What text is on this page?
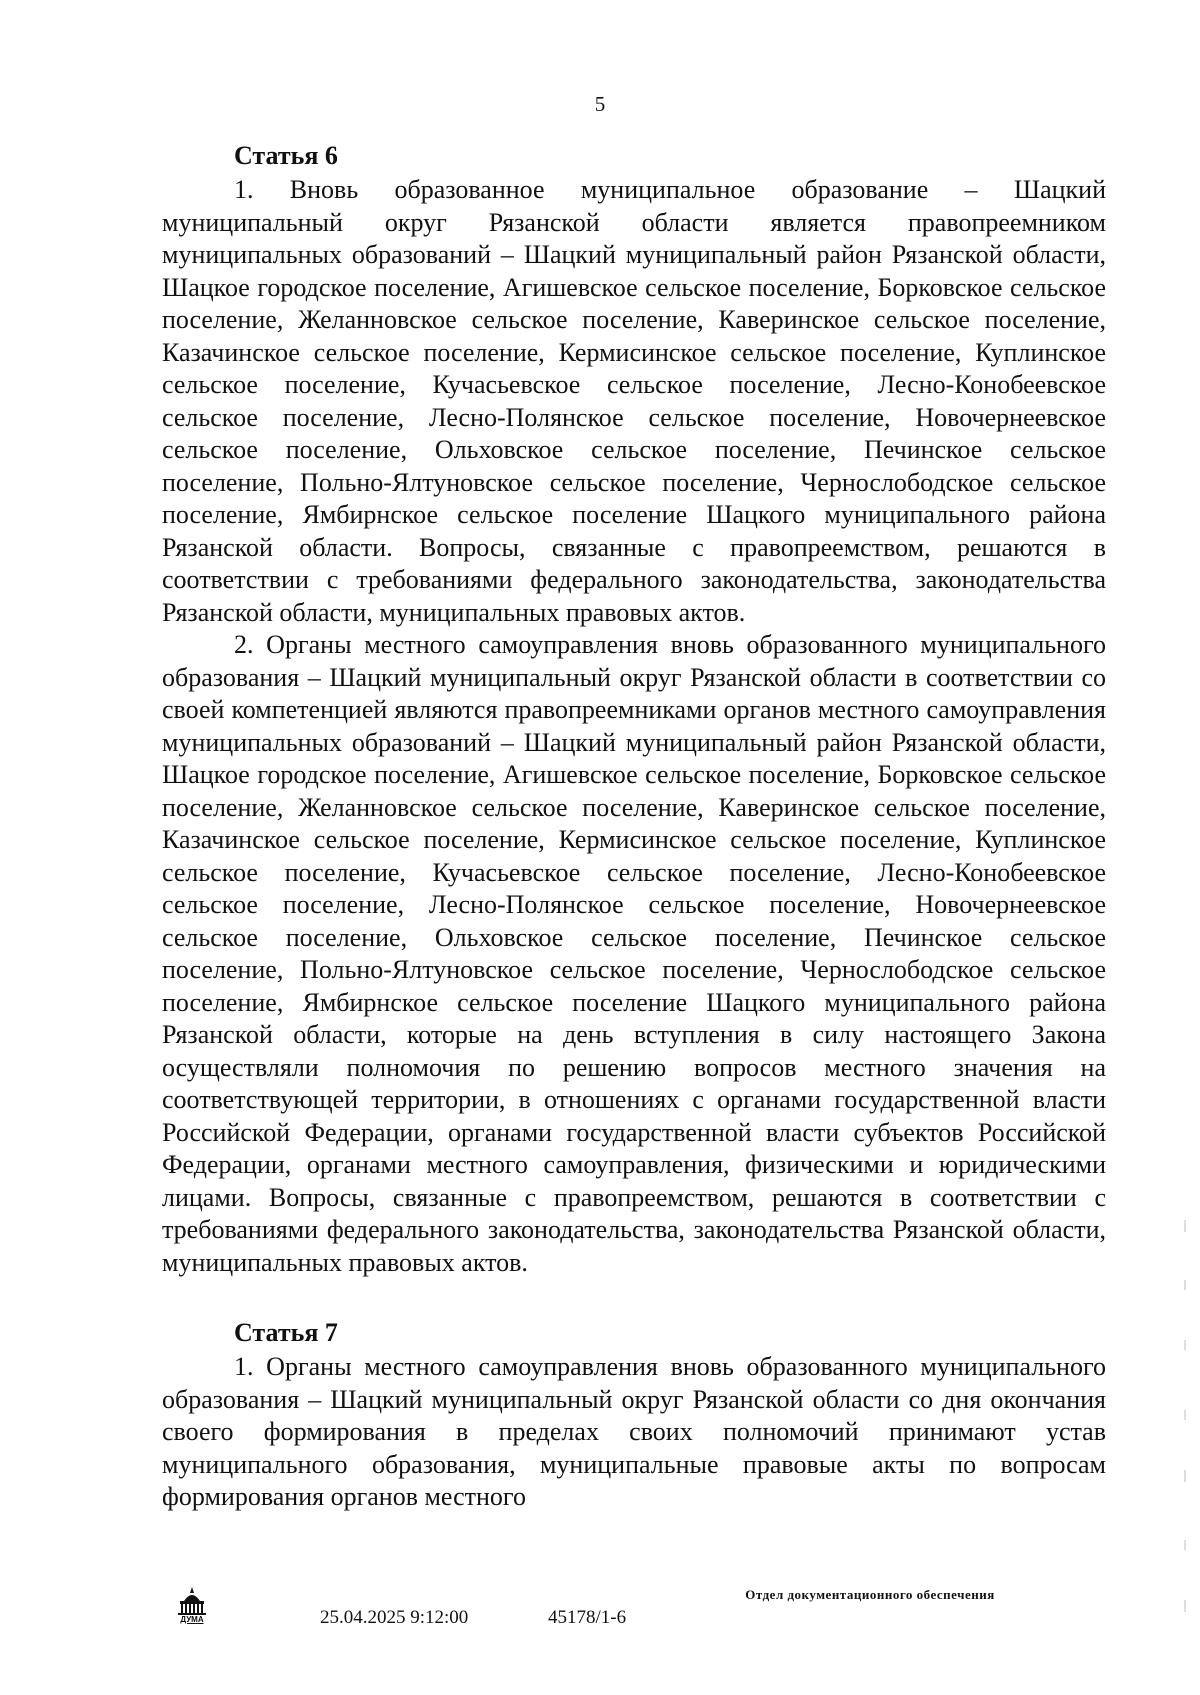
5
Статья 6

1. Вновь образованное муниципальное образование – Шацкий муниципальный округ Рязанской области является правопреемником муниципальных образований – Шацкий муниципальный район Рязанской области, Шацкое городское поселение, Агишевское сельское поселение, Борковское сельское поселение, Желанновское сельское поселение, Каверинское сельское поселение, Казачинское сельское поселение, Кермисинское сельское поселение, Куплинское сельское поселение, Кучасьевское сельское поселение, Лесно-Конобеевское сельское поселение, Лесно-Полянское сельское поселение, Новочернеевское сельское поселение, Ольховское сельское поселение, Печинское сельское поселение, Польно-Ялтуновское сельское поселение, Чернослободское сельское поселение, Ямбирнское сельское поселение Шацкого муниципального района Рязанской области. Вопросы, связанные с правопреемством, решаются в соответствии с требованиями федерального законодательства, законодательства Рязанской области, муниципальных правовых актов.

2. Органы местного самоуправления вновь образованного муниципального образования – Шацкий муниципальный округ Рязанской области в соответствии со своей компетенцией являются правопреемниками органов местного самоуправления муниципальных образований – Шацкий муниципальный район Рязанской области, Шацкое городское поселение, Агишевское сельское поселение, Борковское сельское поселение, Желанновское сельское поселение, Каверинское сельское поселение, Казачинское сельское поселение, Кермисинское сельское поселение, Куплинское сельское поселение, Кучасьевское сельское поселение, Лесно-Конобеевское сельское поселение, Лесно-Полянское сельское поселение, Новочернеевское сельское поселение, Ольховское сельское поселение, Печинское сельское поселение, Польно-Ялтуновское сельское поселение, Чернослободское сельское поселение, Ямбирнское сельское поселение Шацкого муниципального района Рязанской области, которые на день вступления в силу настоящего Закона осуществляли полномочия по решению вопросов местного значения на соответствующей территории, в отношениях с органами государственной власти Российской Федерации, органами государственной власти субъектов Российской Федерации, органами местного самоуправления, физическими и юридическими лицами. Вопросы, связанные с правопреемством, решаются в соответствии с требованиями федерального законодательства, законодательства Рязанской области, муниципальных правовых актов.

Статья 7

1. Органы местного самоуправления вновь образованного муниципального образования – Шацкий муниципальный округ Рязанской области со дня окончания своего формирования в пределах своих полномочий принимают устав муниципального образования, муниципальные правовые акты по вопросам формирования органов местного

ДУМА	25.04.2025 9:12:00	45178/1-6
Отдел документационного обеспечения
